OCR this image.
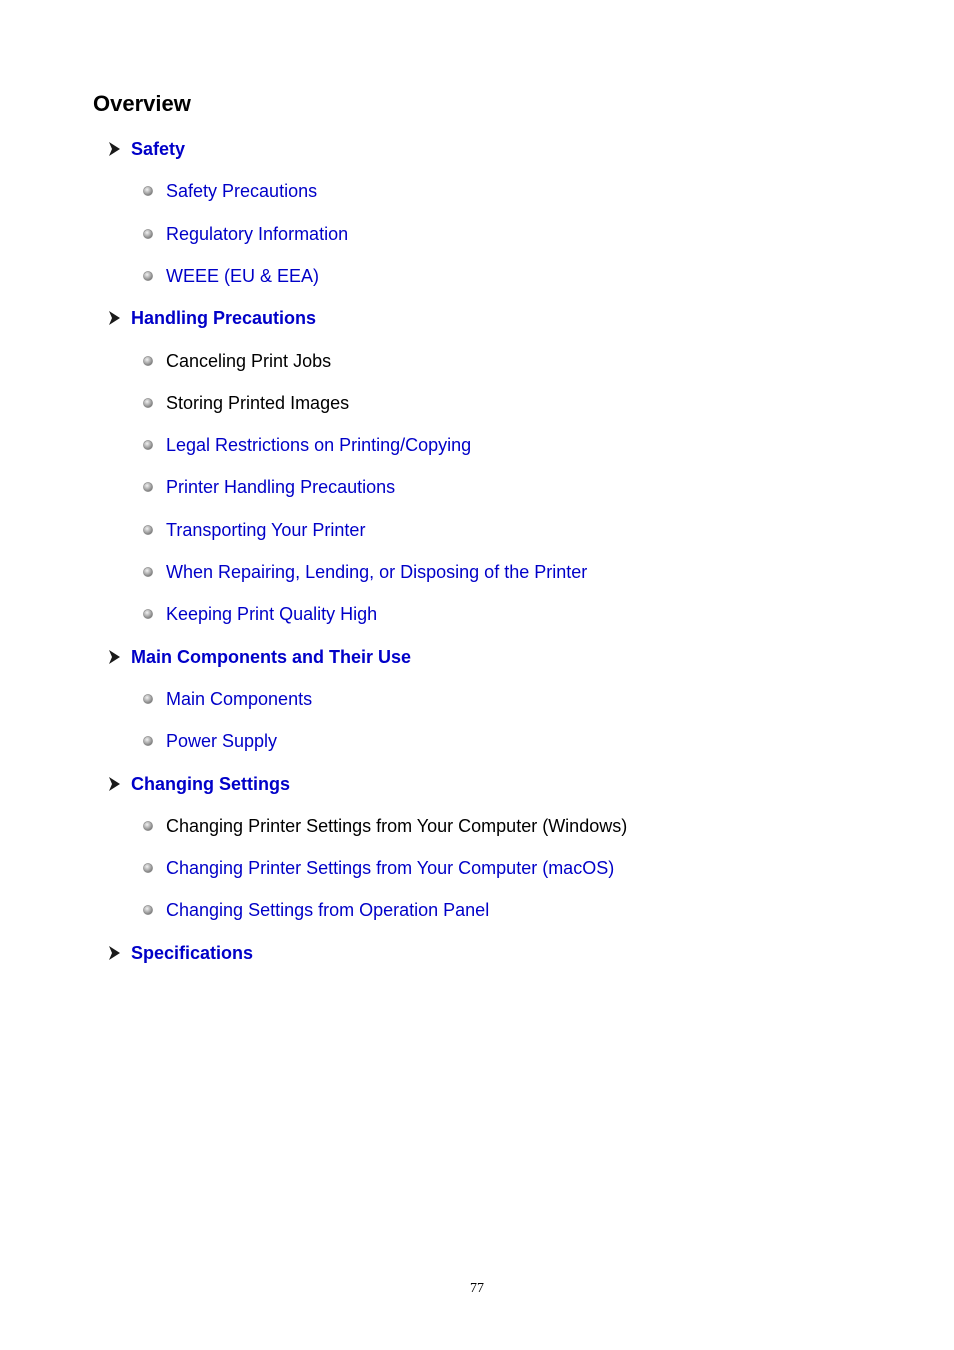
Overview
Safety
Safety Precautions
Regulatory Information
WEEE (EU & EEA)
Handling Precautions
Canceling Print Jobs
Storing Printed Images
Legal Restrictions on Printing/Copying
Printer Handling Precautions
Transporting Your Printer
When Repairing, Lending, or Disposing of the Printer
Keeping Print Quality High
Main Components and Their Use
Main Components
Power Supply
Changing Settings
Changing Printer Settings from Your Computer (Windows)
Changing Printer Settings from Your Computer (macOS)
Changing Settings from Operation Panel
Specifications
77
